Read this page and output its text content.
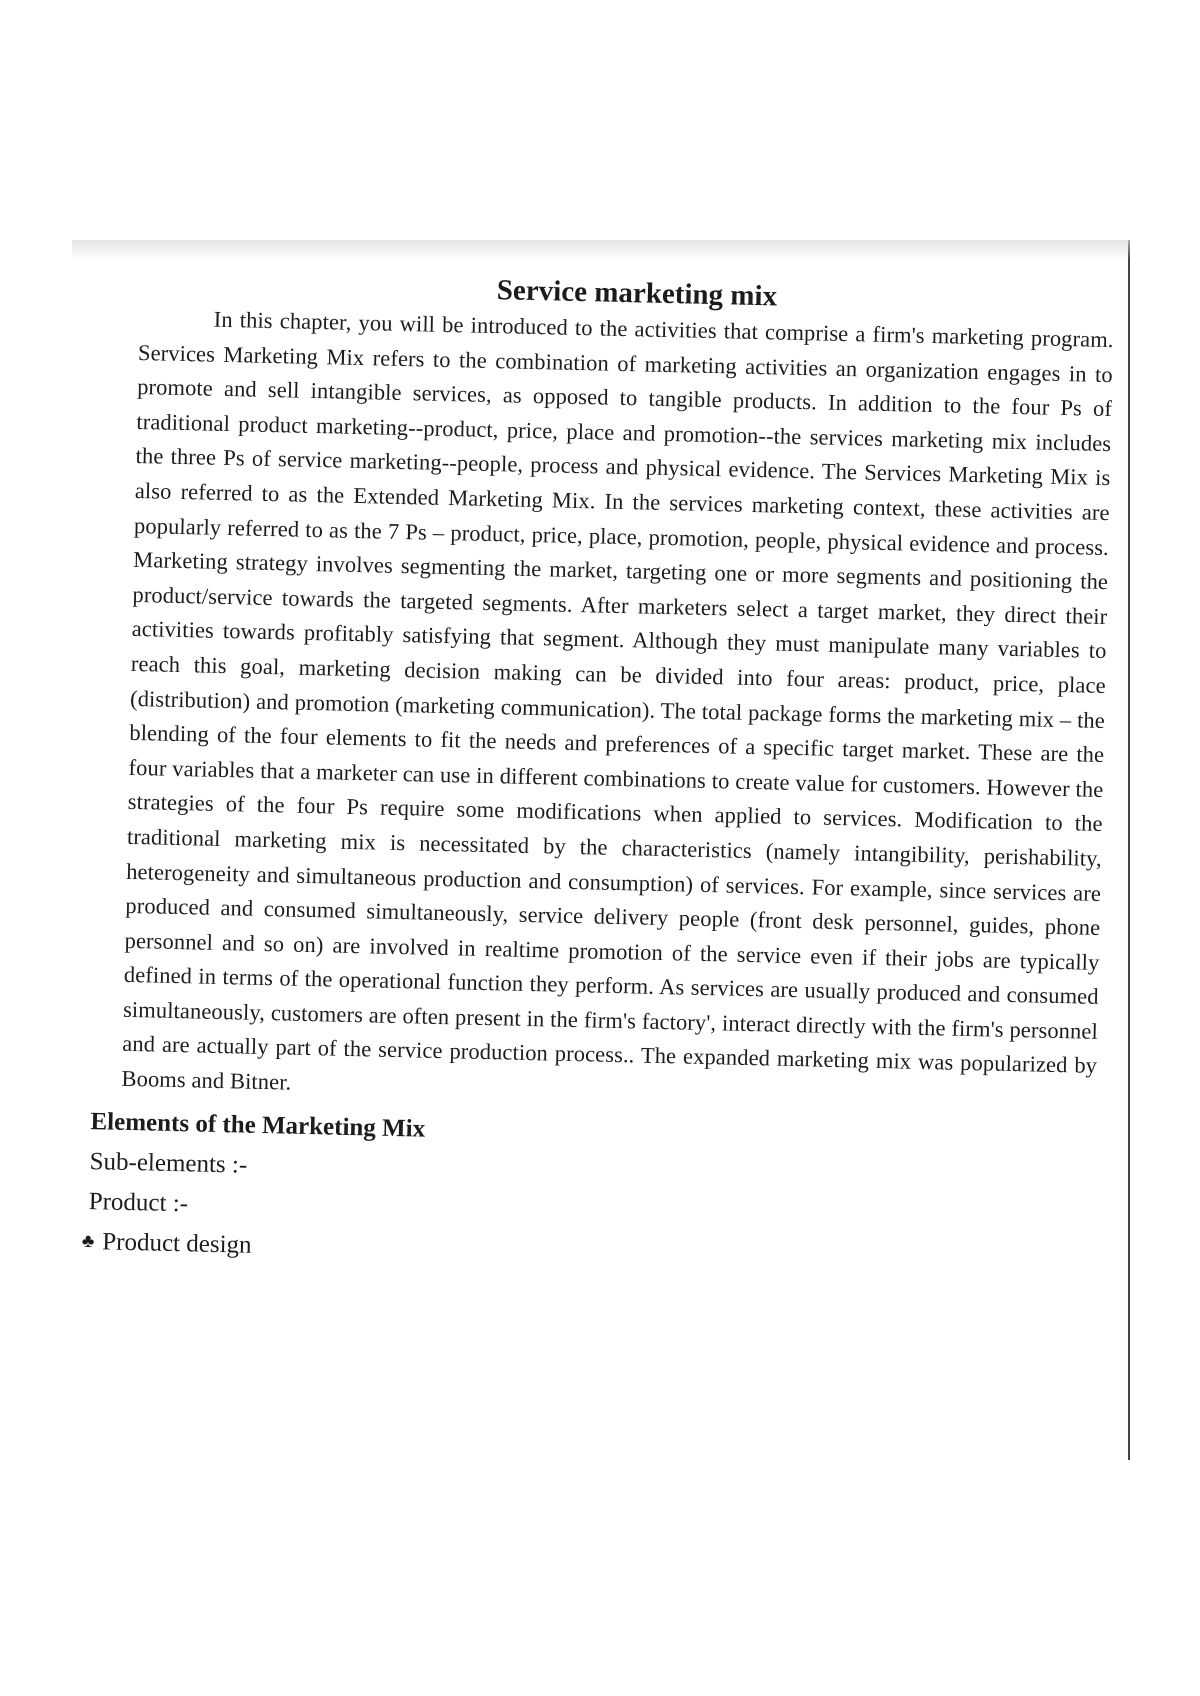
Service marketing mix

In this chapter, you will be introduced to the activities that comprise a firm's marketing program. Services Marketing Mix refers to the combination of marketing activities an organization engages in to promote and sell intangible services, as opposed to tangible products. In addition to the four Ps of traditional product marketing--product, price, place and promotion--the services marketing mix includes the three Ps of service marketing--people, process and physical evidence. The Services Marketing Mix is also referred to as the Extended Marketing Mix. In the services marketing context, these activities are popularly referred to as the 7 Ps – product, price, place, promotion, people, physical evidence and process. Marketing strategy involves segmenting the market, targeting one or more segments and positioning the product/service towards the targeted segments. After marketers select a target market, they direct their activities towards profitably satisfying that segment. Although they must manipulate many variables to reach this goal, marketing decision making can be divided into four areas: product, price, place (distribution) and promotion (marketing communication). The total package forms the marketing mix – the blending of the four elements to fit the needs and preferences of a specific target market. These are the four variables that a marketer can use in different combinations to create value for customers. However the strategies of the four Ps require some modifications when applied to services. Modification to the traditional marketing mix is necessitated by the characteristics (namely intangibility, perishability, heterogeneity and simultaneous production and consumption) of services. For example, since services are produced and consumed simultaneously, service delivery people (front desk personnel, guides, phone personnel and so on) are involved in realtime promotion of the service even if their jobs are typically defined in terms of the operational function they perform. As services are usually produced and consumed simultaneously, customers are often present in the firm's factory', interact directly with the firm's personnel and are actually part of the service production process.. The expanded marketing mix was popularized by Booms and Bitner.

Elements of the Marketing Mix
Sub-elements :-
Product :-
♣ Product design
